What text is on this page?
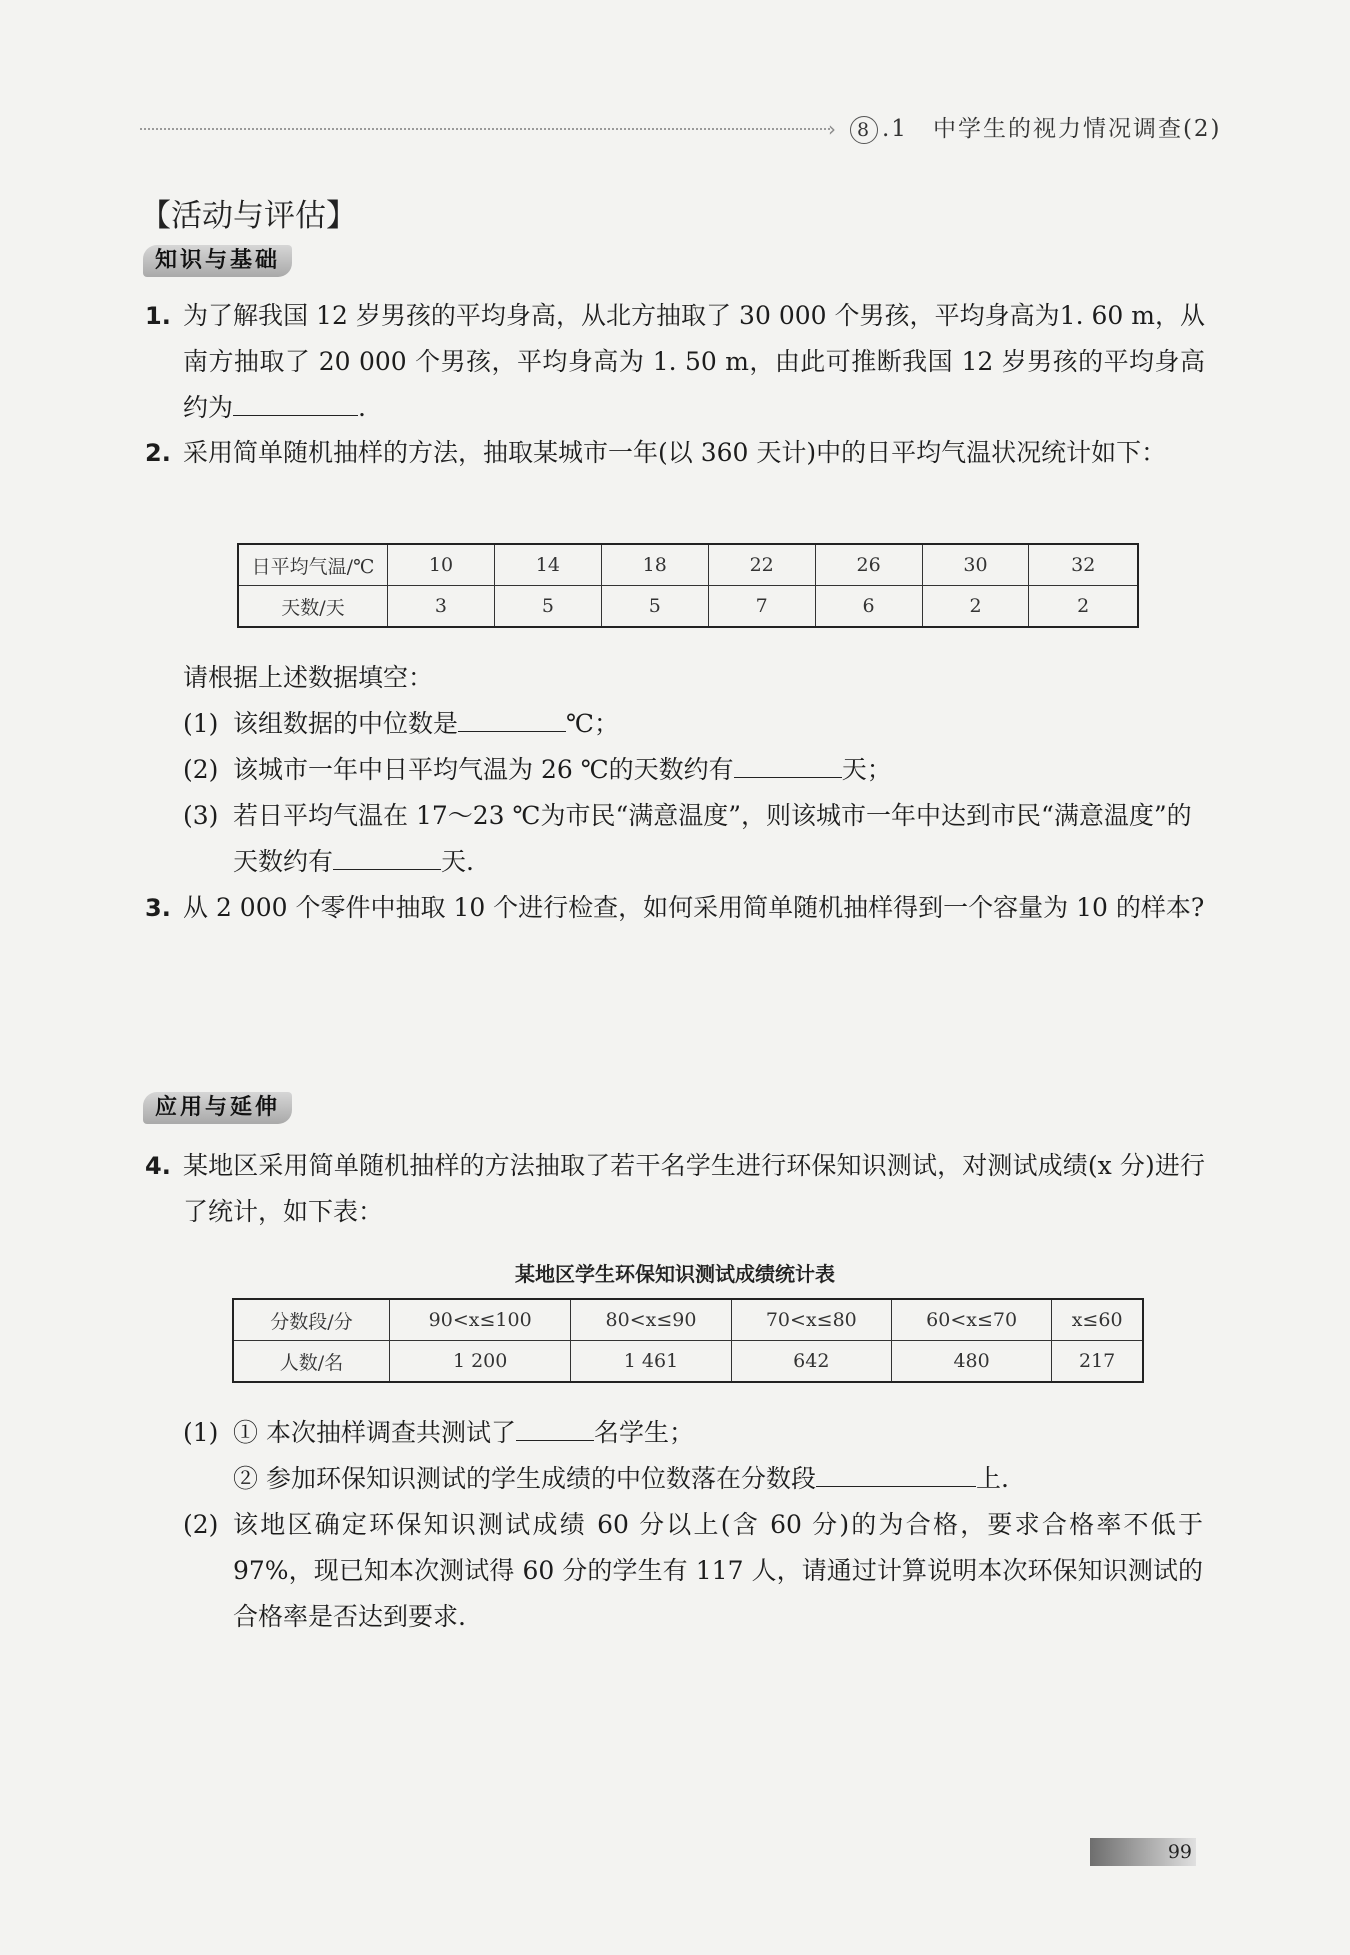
›	8 .1　中学生的视力情况调查(2)
【活动与评估】
知识与基础
1. 为了解我国 12 岁男孩的平均身高，从北方抽取了 30 000 个男孩，平均身高为1. 60 m，从南方抽取了 20 000 个男孩，平均身高为 1. 50 m，由此可推断我国 12 岁男孩的平均身高约为	.
2. 采用简单随机抽样的方法，抽取某城市一年(以 360 天计)中的日平均气温状况统计如下：
日平均气温/℃	10	14	18	22	26	30	32
天数/天	3	5	5	7	6	2	2
请根据上述数据填空：
(1) 该组数据的中位数是	℃；
(2) 该城市一年中日平均气温为 26 ℃的天数约有	天；
(3) 若日平均气温在 17～23 ℃为市民“满意温度”，则该城市一年中达到市民“满意温度”的天数约有	天.
3. 从 2 000 个零件中抽取 10 个进行检查，如何采用简单随机抽样得到一个容量为 10 的样本?
应用与延伸
4. 某地区采用简单随机抽样的方法抽取了若干名学生进行环保知识测试，对测试成绩(x 分)进行了统计，如下表：
某地区学生环保知识测试成绩统计表
分数段/分	90<x≤100	80<x≤90	70<x≤80	60<x≤70	x≤60
人数/名	1 200	1 461	642	480	217
(1) ① 本次抽样调查共测试了	名学生；
② 参加环保知识测试的学生成绩的中位数落在分数段	上.
(2) 该地区确定环保知识测试成绩 60 分以上(含 60 分)的为合格，要求合格率不低于 97%，现已知本次测试得 60 分的学生有 117 人，请通过计算说明本次环保知识测试的合格率是否达到要求.
99
